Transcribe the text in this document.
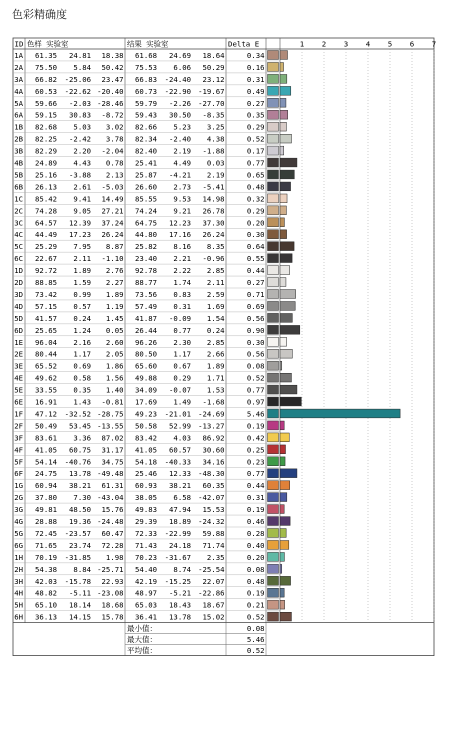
色彩精确度
ID 色样 实验室	结果 实验室	Delta E	1 2 3 4 5 6 7
1A 61.35 24.81 18.38 61.68 24.69 18.64	0.34
2A 75.50 5.84 50.42 75.53 6.06 50.29	0.16
3A 66.82 -25.06 23.47 66.83 -24.40 23.12	0.31
4A 60.53 -22.62 -20.40 60.73 -22.90 -19.67	0.49
5A 59.66 -2.03 -28.46 59.79 -2.26 -27.70	0.27
6A 59.15 30.83 -8.72 59.43 30.50 -8.35	0.35
1B 82.68 5.03 3.02 82.66 5.23 3.25	0.29
2B 82.25 -2.42 3.78 82.34 -2.40 4.38	0.52
3B 82.29 2.20 -2.04 82.40 2.19 -1.88	0.17
4B 24.89 4.43 0.78 25.41 4.49 0.03	0.77
5B 25.16 -3.88 2.13 25.87 -4.21 2.19	0.65
6B 26.13 2.61 -5.03 26.60 2.73 -5.41	0.48
1C 85.42 9.41 14.49 85.55 9.53 14.98	0.32
2C 74.28 9.05 27.21 74.24 9.21 26.78	0.29
3C 64.57 12.39 37.24 64.75 12.23 37.30	0.20
4C 44.49 17.23 26.24 44.80 17.16 26.24	0.30
5C 25.29 7.95 8.87 25.82 8.16 8.35	0.64
6C 22.67 2.11 -1.10 23.40 2.21 -0.96	0.55
1D 92.72 1.89 2.76 92.78 2.22 2.85	0.44
2D 88.85 1.59 2.27 88.77 1.74 2.11	0.27
3D 73.42 0.99 1.89 73.56 0.83 2.59	0.71
4D 57.15 0.57 1.19 57.49 0.31 1.69	0.69
5D 41.57 0.24 1.45 41.87 -0.09 1.54	0.56
6D 25.65 1.24 0.05 26.44 0.77 0.24	0.90
1E 96.04 2.16 2.60 96.26 2.30 2.85	0.30
2E 80.44 1.17 2.05 80.50 1.17 2.66	0.56
3E 65.52 0.69 1.86 65.60 0.67 1.89	0.08
4E 49.62 0.58 1.56 49.88 0.29 1.71	0.52
5E 33.55 0.35 1.40 34.09 -0.07 1.53	0.77
6E 16.91 1.43 -0.81 17.69 1.49 -1.68	0.97
1F 47.12 -32.52 -28.75 49.23 -21.01 -24.69	5.46
2F 50.49 53.45 -13.55 50.58 52.99 -13.27	0.19
3F 83.61 3.36 87.02 83.42 4.03 86.92	0.42
4F 41.05 60.75 31.17 41.05 60.57 30.60	0.25
5F 54.14 -40.76 34.75 54.18 -40.33 34.16	0.23
6F 24.75 13.78 -49.48 25.46 12.33 -48.30	0.77
1G 60.94 38.21 61.31 60.93 38.21 60.35	0.44
2G 37.80 7.30 -43.04 38.05 6.58 -42.07	0.31
3G 49.81 48.50 15.76 49.83 47.94 15.53	0.19
4G 28.88 19.36 -24.48 29.39 18.89 -24.32	0.46
5G 72.45 -23.57 60.47 72.33 -22.99 59.88	0.28
6G 71.65 23.74 72.28 71.43 24.18 71.74	0.40
1H 70.19 -31.85 1.98 70.23 -31.67 2.35	0.20
2H 54.38 8.84 -25.71 54.40 8.74 -25.54	0.08
3H 42.03 -15.78 22.93 42.19 -15.25 22.07	0.48
4H 48.82 -5.11 -23.08 48.97 -5.21 -22.86	0.19
5H 65.10 18.14 18.68 65.03 18.43 18.67	0.21
6H 36.13 14.15 15.78 36.41 13.78 15.02	0.52
最小值：	0.08
最大值：	5.46
平均值：	0.52
